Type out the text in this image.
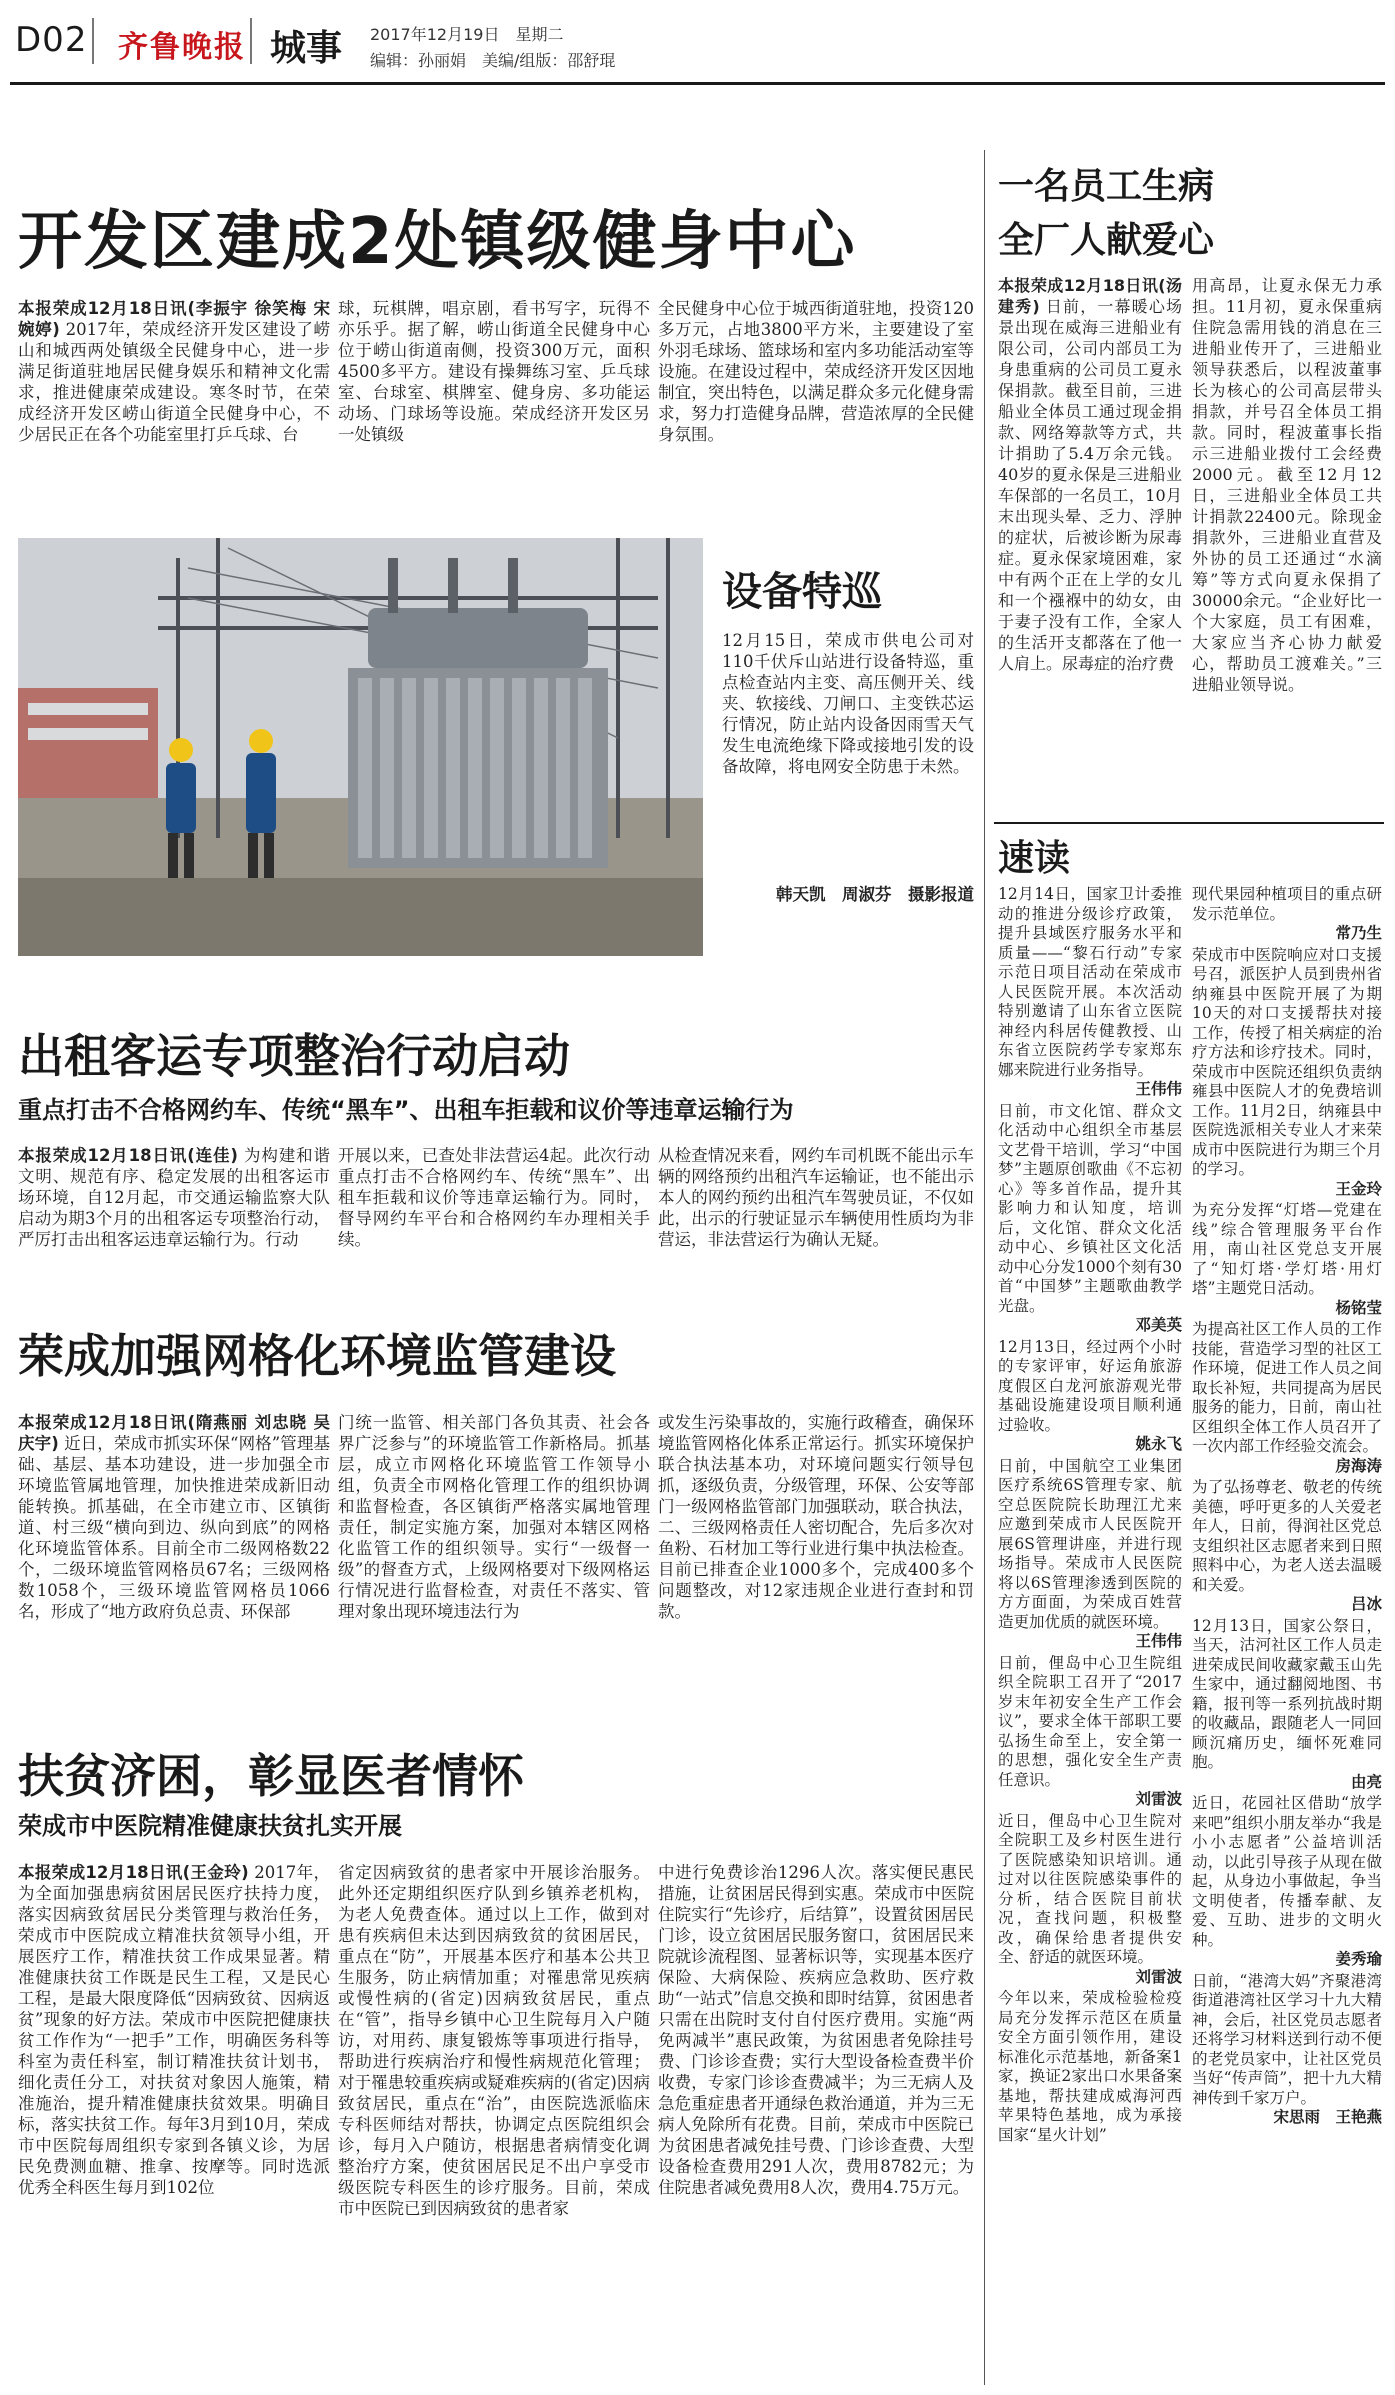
D02 齐鲁晚报 城事 2017年12月19日　星期二
编辑：孙丽娟　美编/组版：邵舒琨
开发区建成2处镇级健身中心
本报荣成12月18日讯(李振宇 徐笑梅 宋婉婷) 2017年，荣成经济开发区建设了崂山和城西两处镇级全民健身中心，进一步满足街道驻地居民健身娱乐和精神文化需求，推进健康荣成建设。寒冬时节，在荣成经济开发区崂山街道全民健身中心，不少居民正在各个功能室里打乒乓球、台
球，玩棋牌，唱京剧，看书写字，玩得不亦乐乎。据了解，崂山街道全民健身中心位于崂山街道南侧，投资300万元，面积4500多平方。建设有操舞练习室、乒乓球室、台球室、棋牌室、健身房、多功能运动场、门球场等设施。荣成经济开发区另一处镇级
全民健身中心位于城西街道驻地，投资120多万元，占地3800平方米，主要建设了室外羽毛球场、篮球场和室内多功能活动室等设施。在建设过程中，荣成经济开发区因地制宜，突出特色，以满足群众多元化健身需求，努力打造健身品牌，营造浓厚的全民健身氛围。
设备特巡
12月15日，荣成市供电公司对110千伏斥山站进行设备特巡，重点检查站内主变、高压侧开关、线夹、软接线、刀闸口、主变铁芯运行情况，防止站内设备因雨雪天气发生电流绝缘下降或接地引发的设备故障，将电网安全防患于未然。
韩天凯　周淑芬　摄影报道
出租客运专项整治行动启动
重点打击不合格网约车、传统“黑车”、出租车拒载和议价等违章运输行为
本报荣成12月18日讯(连佳) 为构建和谐文明、规范有序、稳定发展的出租客运市场环境，自12月起，市交通运输监察大队启动为期3个月的出租客运专项整治行动，严厉打击出租客运违章运输行为。行动
开展以来，已查处非法营运4起。此次行动重点打击不合格网约车、传统“黑车”、出租车拒载和议价等违章运输行为。同时，督导网约车平台和合格网约车办理相关手续。
从检查情况来看，网约车司机既不能出示车辆的网络预约出租汽车运输证，也不能出示本人的网约预约出租汽车驾驶员证，不仅如此，出示的行驶证显示车辆使用性质均为非营运，非法营运行为确认无疑。
荣成加强网格化环境监管建设
本报荣成12月18日讯(隋燕丽 刘忠晓 吴庆宇) 近日，荣成市抓实环保“网格”管理基础、基层、基本功建设，进一步加强全市环境监管属地管理，加快推进荣成新旧动能转换。抓基础，在全市建立市、区镇街道、村三级“横向到边、纵向到底”的网格化环境监管体系。目前全市二级网格数22个，二级环境监管网格员67名；三级网格数1058个，三级环境监管网格员1066名，形成了“地方政府负总责、环保部
门统一监管、相关部门各负其责、社会各界广泛参与”的环境监管工作新格局。抓基层，成立市网格化环境监管工作领导小组，负责全市网格化管理工作的组织协调和监督检查，各区镇街严格落实属地管理责任，制定实施方案，加强对本辖区网格化监管工作的组织领导。实行“一级督一级”的督查方式，上级网格要对下级网格运行情况进行监督检查，对责任不落实、管理对象出现环境违法行为
或发生污染事故的，实施行政稽查，确保环境监管网格化体系正常运行。抓实环境保护联合执法基本功，对环境问题实行领导包抓，逐级负责，分级管理，环保、公安等部门一级网格监管部门加强联动，联合执法，二、三级网格责任人密切配合，先后多次对鱼粉、石材加工等行业进行集中执法检查。目前已排查企业1000多个，完成400多个问题整改，对12家违规企业进行查封和罚款。
扶贫济困，彰显医者情怀
荣成市中医院精准健康扶贫扎实开展
本报荣成12月18日讯(王金玲) 2017年，为全面加强患病贫困居民医疗扶持力度，落实因病致贫居民分类管理与救治任务，荣成市中医院成立精准扶贫领导小组，开展医疗工作，精准扶贫工作成果显著。精准健康扶贫工作既是民生工程，又是民心工程，是最大限度降低“因病致贫、因病返贫”现象的好方法。荣成市中医院把健康扶贫工作作为“一把手”工作，明确医务科等科室为责任科室，制订精准扶贫计划书，细化责任分工，对扶贫对象因人施策，精准施治，提升精准健康扶贫效果。明确目标，落实扶贫工作。每年3月到10月，荣成市中医院每周组织专家到各镇义诊，为居民免费测血糖、推拿、按摩等。同时选派优秀全科医生每月到102位
省定因病致贫的患者家中开展诊治服务。此外还定期组织医疗队到乡镇养老机构，为老人免费查体。通过以上工作，做到对患有疾病但未达到因病致贫的贫困居民，重点在“防”，开展基本医疗和基本公共卫生服务，防止病情加重；对罹患常见疾病或慢性病的(省定)因病致贫居民，重点在“管”，指导乡镇中心卫生院每月入户随访，对用药、康复锻炼等事项进行指导，帮助进行疾病治疗和慢性病规范化管理；对于罹患较重疾病或疑难疾病的(省定)因病致贫居民，重点在“治”，由医院选派临床专科医师结对帮扶，协调定点医院组织会诊，每月入户随访，根据患者病情变化调整治疗方案，使贫困居民足不出户享受市级医院专科医生的诊疗服务。目前，荣成市中医院已到因病致贫的患者家
中进行免费诊治1296人次。落实便民惠民措施，让贫困居民得到实惠。荣成市中医院住院实行“先诊疗，后结算”，设置贫困居民门诊，设立贫困居民服务窗口，贫困居民来院就诊流程图、显著标识等，实现基本医疗保险、大病保险、疾病应急救助、医疗救助“一站式”信息交换和即时结算，贫困患者只需在出院时支付自付医疗费用。实施“两免两减半”惠民政策，为贫困患者免除挂号费、门诊诊查费；实行大型设备检查费半价收费，专家门诊诊查费减半；为三无病人及急危重症患者开通绿色救治通道，并为三无病人免除所有花费。目前，荣成市中医院已为贫困患者减免挂号费、门诊诊查费、大型设备检查费用291人次，费用8782元；为住院患者减免费用8人次，费用4.75万元。
一名员工生病
全厂人献爱心
本报荣成12月18日讯(汤建秀) 日前，一幕暖心场景出现在威海三进船业有限公司，公司内部员工为身患重病的公司员工夏永保捐款。截至目前，三进船业全体员工通过现金捐款、网络筹款等方式，共计捐助了5.4万余元钱。40岁的夏永保是三进船业车保部的一名员工，10月末出现头晕、乏力、浮肿的症状，后被诊断为尿毒症。夏永保家境困难，家中有两个正在上学的女儿和一个襁褓中的幼女，由于妻子没有工作，全家人的生活开支都落在了他一人肩上。尿毒症的治疗费
用高昂，让夏永保无力承担。11月初，夏永保重病住院急需用钱的消息在三进船业传开了，三进船业领导获悉后，以程波董事长为核心的公司高层带头捐款，并号召全体员工捐款。同时，程波董事长指示三进船业拨付工会经费2000元。截至12月12日，三进船业全体员工共计捐款22400元。除现金捐款外，三进船业直营及外协的员工还通过“水滴筹”等方式向夏永保捐了30000余元。“企业好比一个大家庭，员工有困难，大家应当齐心协力献爱心，帮助员工渡难关。”三进船业领导说。
速读
12月14日，国家卫计委推动的推进分级诊疗政策，提升县域医疗服务水平和质量——“黎石行动”专家示范日项目活动在荣成市人民医院开展。本次活动特别邀请了山东省立医院神经内科居传健教授、山东省立医院药学专家郑东娜来院进行业务指导。
王伟伟
日前，市文化馆、群众文化活动中心组织全市基层文艺骨干培训，学习“中国梦”主题原创歌曲《不忘初心》等多首作品，提升其影响力和认知度，培训后，文化馆、群众文化活动中心、乡镇社区文化活动中心分发1000个刻有30首“中国梦”主题歌曲教学光盘。
邓美英
12月13日，经过两个小时的专家评审，好运角旅游度假区白龙河旅游观光带基础设施建设项目顺利通过验收。
姚永飞
日前，中国航空工业集团医疗系统6S管理专家、航空总医院院长助理江尤来应邀到荣成市人民医院开展6S管理讲座，并进行现场指导。荣成市人民医院将以6S管理渗透到医院的方方面面，为荣成百姓营造更加优质的就医环境。
王伟伟
日前，俚岛中心卫生院组织全院职工召开了“2017岁末年初安全生产工作会议”，要求全体干部职工要弘扬生命至上，安全第一的思想，强化安全生产责任意识。
刘雷波
近日，俚岛中心卫生院对全院职工及乡村医生进行了医院感染知识培训。通过对以往医院感染事件的分析，结合医院目前状况，查找问题，积极整改，确保给患者提供安全、舒适的就医环境。
刘雷波
今年以来，荣成检验检疫局充分发挥示范区在质量安全方面引领作用，建设标准化示范基地，新备案1家，换证2家出口水果备案基地，帮扶建成威海河西苹果特色基地，成为承接国家“星火计划”
现代果园种植项目的重点研发示范单位。
常乃生
荣成市中医院响应对口支援号召，派医护人员到贵州省纳雍县中医院开展了为期10天的对口支援帮扶对接工作，传授了相关病症的治疗方法和诊疗技术。同时，荣成市中医院还组织负责纳雍县中医院人才的免费培训工作。11月2日，纳雍县中医院选派相关专业人才来荣成市中医院进行为期三个月的学习。
王金玲
为充分发挥“灯塔—党建在线”综合管理服务平台作用，南山社区党总支开展了“知灯塔·学灯塔·用灯塔”主题党日活动。
杨铭莹
为提高社区工作人员的工作技能，营造学习型的社区工作环境，促进工作人员之间取长补短，共同提高为居民服务的能力，日前，南山社区组织全体工作人员召开了一次内部工作经验交流会。
房海涛
为了弘扬尊老、敬老的传统美德，呼吁更多的人关爱老年人，日前，得润社区党总支组织社区志愿者来到日照照料中心，为老人送去温暖和关爱。
吕冰
12月13日，国家公祭日，当天，沽河社区工作人员走进荣成民间收藏家戴玉山先生家中，通过翻阅地图、书籍，报刊等一系列抗战时期的收藏品，跟随老人一同回顾沉痛历史，缅怀死难同胞。
由亮
近日，花园社区借助“放学来吧”组织小朋友举办“我是小小志愿者”公益培训活动，以此引导孩子从现在做起，从身边小事做起，争当文明使者，传播奉献、友爱、互助、进步的文明火种。
姜秀瑜
日前，“港湾大妈”齐聚港湾街道港湾社区学习十九大精神，会后，社区党员志愿者还将学习材料送到行动不便的老党员家中，让社区党员当好“传声筒”，把十九大精神传到千家万户。
宋思雨　王艳燕
